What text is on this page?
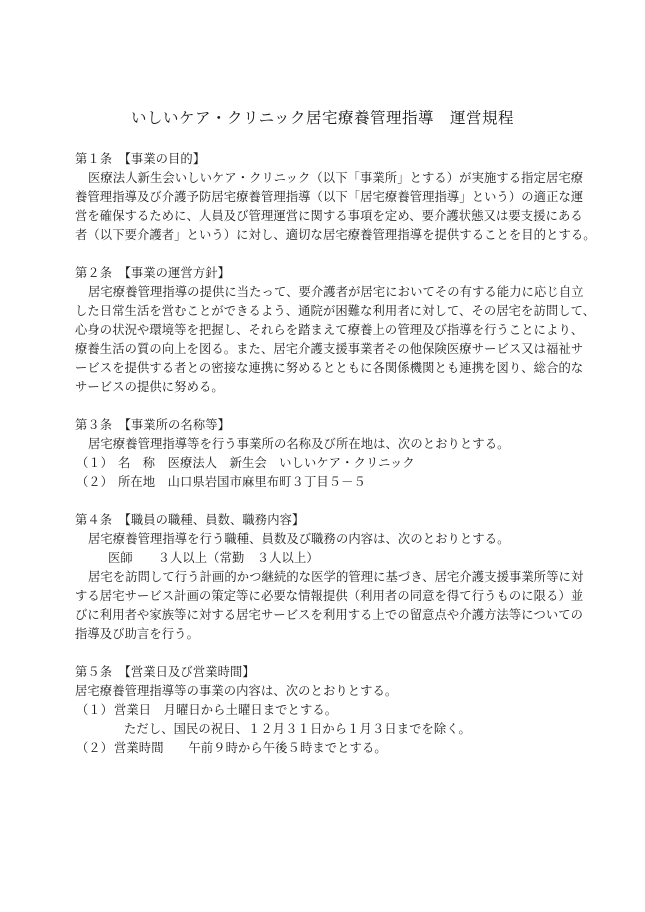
いしいケア・クリニック居宅療養管理指導　運営規程
第１条　【事業の目的】
医療法人新生会いしいケア・クリニック（以下「事業所」とする）が実施する指定居宅療
養管理指導及び介護予防居宅療養管理指導（以下「居宅療養管理指導」という）の適正な運
営を確保するために、人員及び管理運営に関する事項を定め、要介護状態又は要支援にある
者（以下要介護者」という）に対し、適切な居宅療養管理指導を提供することを目的とする。
第２条　【事業の運営方針】
居宅療養管理指導の提供に当たって、要介護者が居宅においてその有する能力に応じ自立
した日常生活を営むことができるよう、通院が困難な利用者に対して、その居宅を訪問して、
心身の状況や環境等を把握し、それらを踏まえて療養上の管理及び指導を行うことにより、
療養生活の質の向上を図る。また、居宅介護支援事業者その他保険医療サービス又は福祉サ
ービスを提供する者との密接な連携に努めるとともに各関係機関とも連携を図り、総合的な
サービスの提供に努める。
第３条　【事業所の名称等】
居宅療養管理指導等を行う事業所の名称及び所在地は、次のとおりとする。
（１） 名　称　医療法人　新生会　いしいケア・クリニック
（２） 所在地　山口県岩国市麻里布町３丁目５－５
第４条　【職員の職種、員数、職務内容】
居宅療養管理指導を行う職種、員数及び職務の内容は、次のとおりとする。
医師　　３人以上（常勤　３人以上）
居宅を訪問して行う計画的かつ継続的な医学的管理に基づき、居宅介護支援事業所等に対
する居宅サービス計画の策定等に必要な情報提供（利用者の同意を得て行うものに限る）並
びに利用者や家族等に対する居宅サービスを利用する上での留意点や介護方法等についての
指導及び助言を行う。
第５条　【営業日及び営業時間】
居宅療養管理指導等の事業の内容は、次のとおりとする。
（１） 営業日　月曜日から土曜日までとする。
ただし、国民の祝日、１２月３１日から１月３日までを除く。
（２） 営業時間　　午前９時から午後５時までとする。
